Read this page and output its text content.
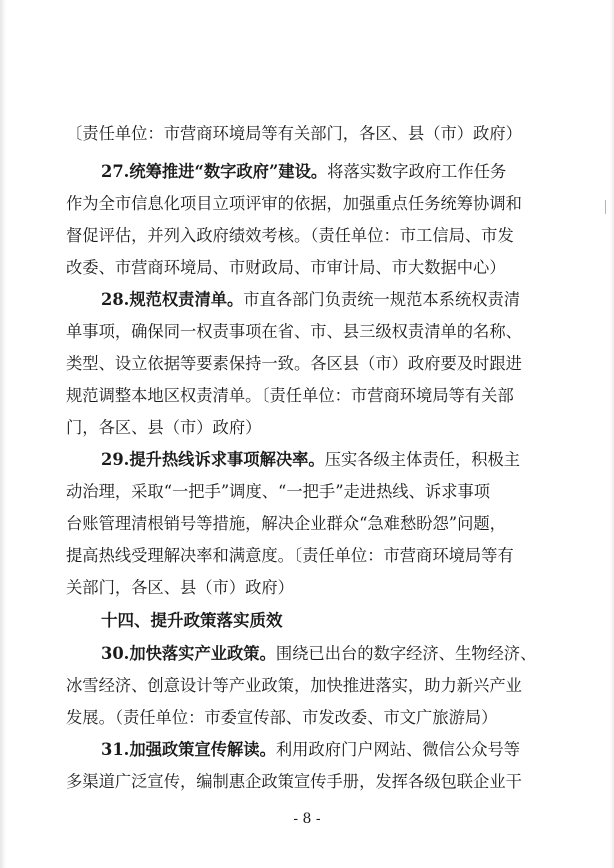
〔责任单位：市营商环境局等有关部门，各区、县（市）政府）
27.统筹推进“数字政府”建设。将落实数字政府工作任务
作为全市信息化项目立项评审的依据，加强重点任务统筹协调和
督促评估，并列入政府绩效考核。（责任单位：市工信局、市发
改委、市营商环境局、市财政局、市审计局、市大数据中心）
28.规范权责清单。市直各部门负责统一规范本系统权责清
单事项，确保同一权责事项在省、市、县三级权责清单的名称、
类型、设立依据等要素保持一致。各区县（市）政府要及时跟进
规范调整本地区权责清单。〔责任单位：市营商环境局等有关部
门，各区、县（市）政府）
29.提升热线诉求事项解决率。压实各级主体责任，积极主
动治理，采取“一把手”调度、“一把手”走进热线、诉求事项
台账管理清根销号等措施，解决企业群众“急难愁盼怨”问题，
提高热线受理解决率和满意度。〔责任单位：市营商环境局等有
关部门，各区、县（市）政府）
十四、提升政策落实质效
30.加快落实产业政策。围绕已出台的数字经济、生物经济、
冰雪经济、创意设计等产业政策，加快推进落实，助力新兴产业
发展。（责任单位：市委宣传部、市发改委、市文广旅游局）
31.加强政策宣传解读。利用政府门户网站、微信公众号等
多渠道广泛宣传，编制惠企政策宣传手册，发挥各级包联企业干
- 8 -
